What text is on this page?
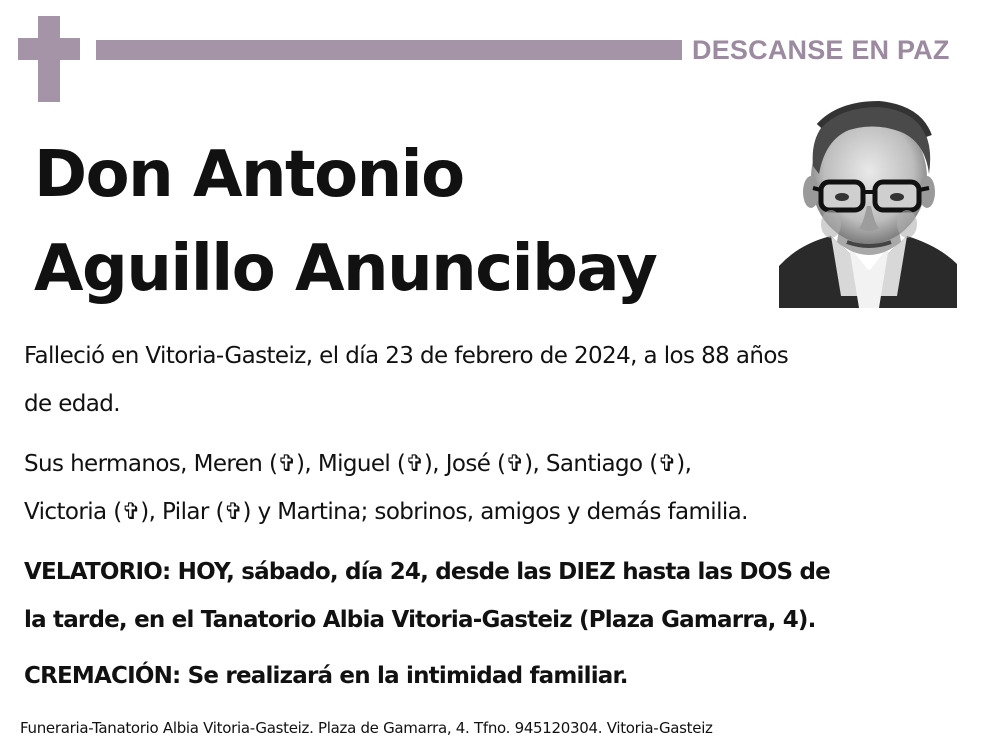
DESCANSE EN PAZ
Don Antonio
Aguillo Anuncibay
Falleció en Vitoria-Gasteiz, el día 23 de febrero de 2024, a los 88 años
de edad.
Sus hermanos, Meren (✞), Miguel (✞), José (✞), Santiago (✞),
Victoria (✞), Pilar (✞) y Martina; sobrinos, amigos y demás familia.
VELATORIO: HOY, sábado, día 24, desde las DIEZ hasta las DOS de
la tarde, en el Tanatorio Albia Vitoria-Gasteiz (Plaza Gamarra, 4).
CREMACIÓN: Se realizará en la intimidad familiar.
Funeraria-Tanatorio Albia Vitoria-Gasteiz. Plaza de Gamarra, 4. Tfno. 945120304. Vitoria-Gasteiz
